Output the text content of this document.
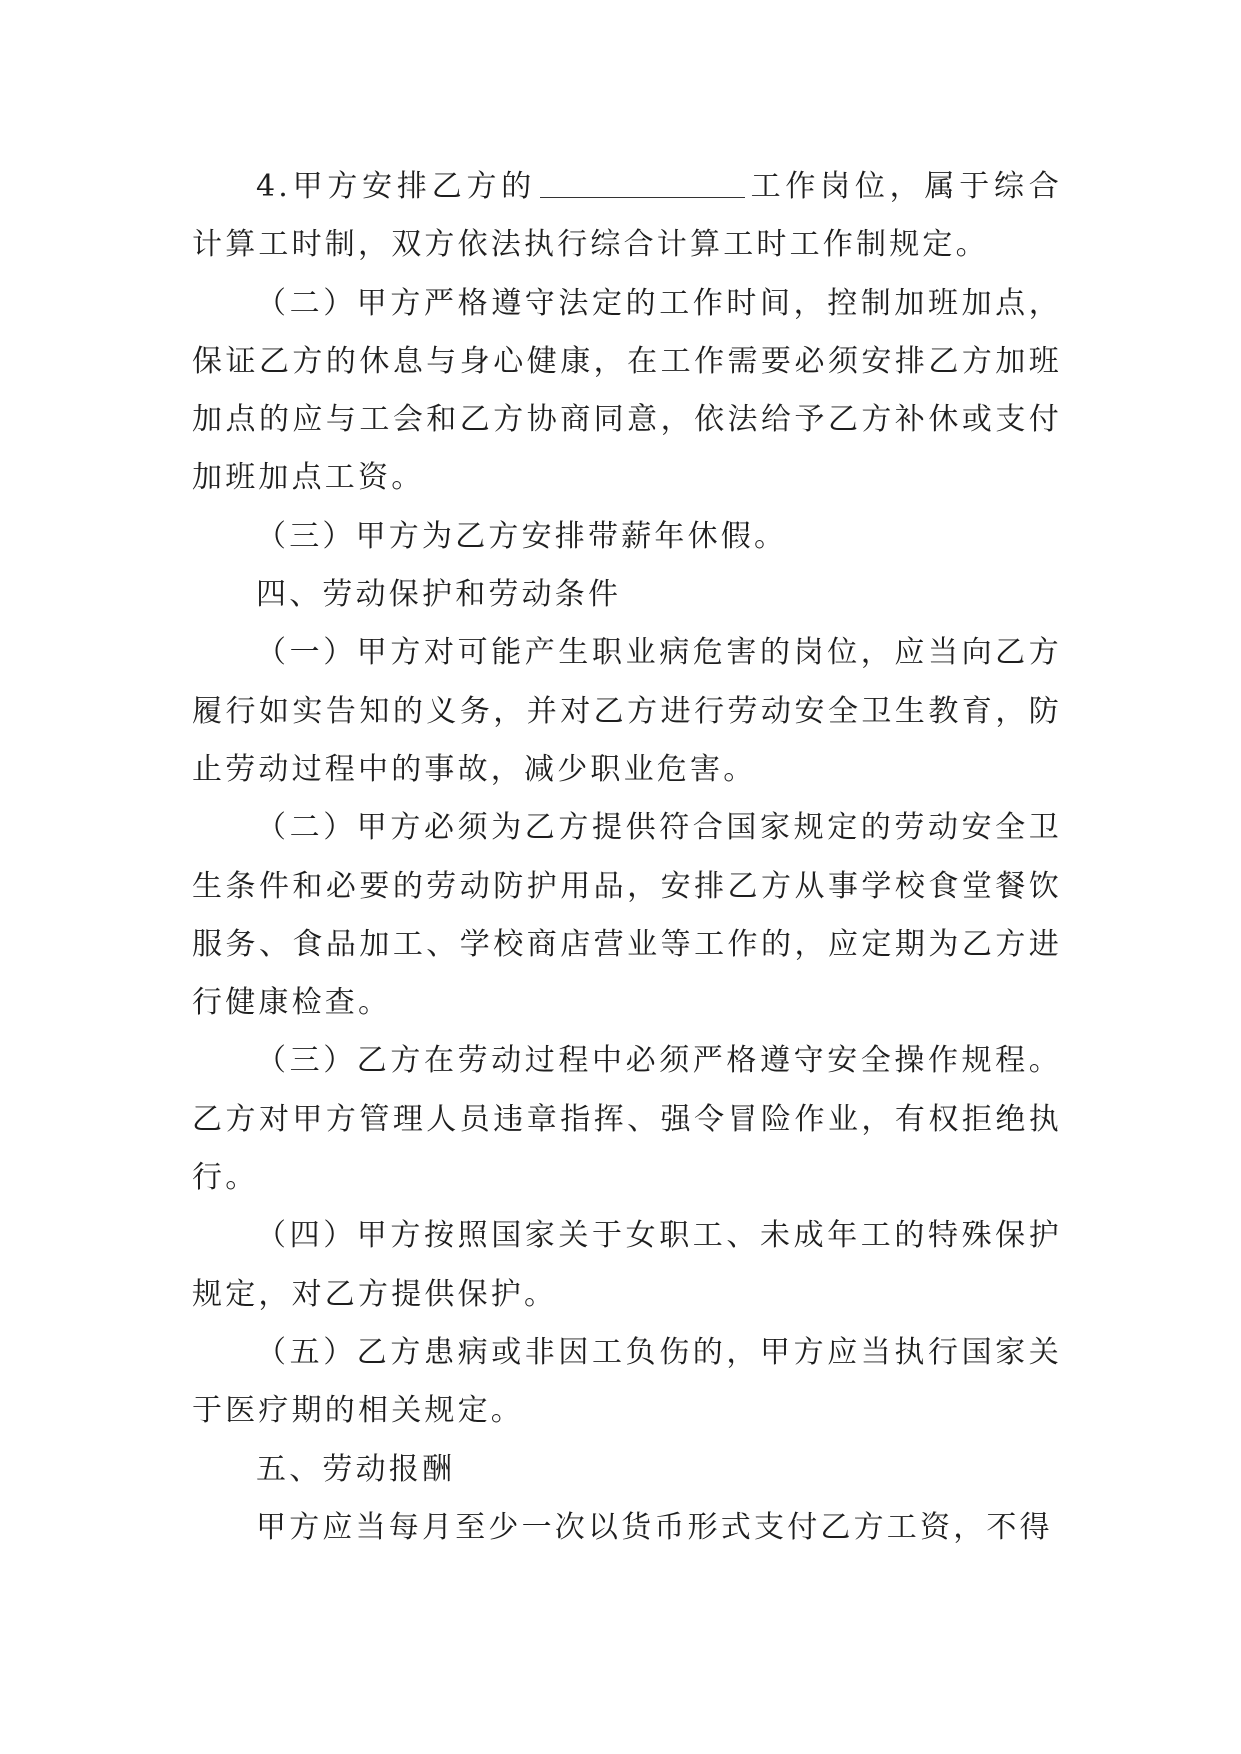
4.甲方安排乙方的	工作岗位，属于综合计算工时制，双方依法执行综合计算工时工作制规定。

（二）甲方严格遵守法定的工作时间，控制加班加点，保证乙方的休息与身心健康，在工作需要必须安排乙方加班加点的应与工会和乙方协商同意，依法给予乙方补休或支付加班加点工资。

（三）甲方为乙方安排带薪年休假。

四、劳动保护和劳动条件

（一）甲方对可能产生职业病危害的岗位，应当向乙方履行如实告知的义务，并对乙方进行劳动安全卫生教育，防止劳动过程中的事故，减少职业危害。

（二）甲方必须为乙方提供符合国家规定的劳动安全卫生条件和必要的劳动防护用品，安排乙方从事学校食堂餐饮服务、食品加工、学校商店营业等工作的，应定期为乙方进行健康检查。

（三）乙方在劳动过程中必须严格遵守安全操作规程。乙方对甲方管理人员违章指挥、强令冒险作业，有权拒绝执行。

（四）甲方按照国家关于女职工、未成年工的特殊保护规定，对乙方提供保护。

（五）乙方患病或非因工负伤的，甲方应当执行国家关于医疗期的相关规定。

五、劳动报酬

甲方应当每月至少一次以货币形式支付乙方工资，不得
